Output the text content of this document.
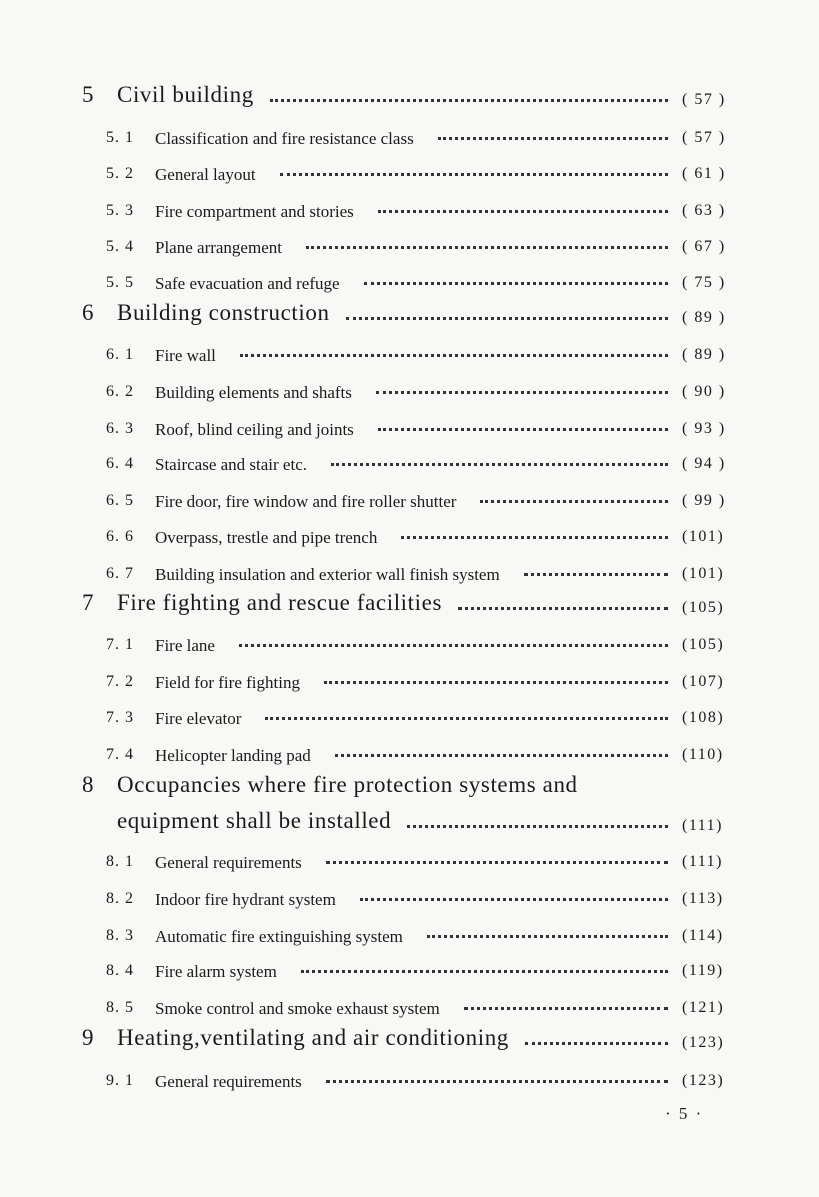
5 Civil building	( 57 )
5. 1 Classification and fire resistance class	( 57 )
5. 2 General layout	( 61 )
5. 3 Fire compartment and stories	( 63 )
5. 4 Plane arrangement	( 67 )
5. 5 Safe evacuation and refuge	( 75 )
6 Building construction	( 89 )
6. 1 Fire wall	( 89 )
6. 2 Building elements and shafts	( 90 )
6. 3 Roof, blind ceiling and joints	( 93 )
6. 4 Staircase and stair etc.	( 94 )
6. 5 Fire door, fire window and fire roller shutter	( 99 )
6. 6 Overpass, trestle and pipe trench	(101)
6. 7 Building insulation and exterior wall finish system	(101)
7 Fire fighting and rescue facilities	(105)
7. 1 Fire lane	(105)
7. 2 Field for fire fighting	(107)
7. 3 Fire elevator	(108)
7. 4 Helicopter landing pad	(110)
8 Occupancies where fire protection systems and
equipment shall be installed	(111)
8. 1 General requirements	(111)
8. 2 Indoor fire hydrant system	(113)
8. 3 Automatic fire extinguishing system	(114)
8. 4 Fire alarm system	(119)
8. 5 Smoke control and smoke exhaust system	(121)
9 Heating,ventilating and air conditioning	(123)
9. 1 General requirements	(123)
· 5 ·
